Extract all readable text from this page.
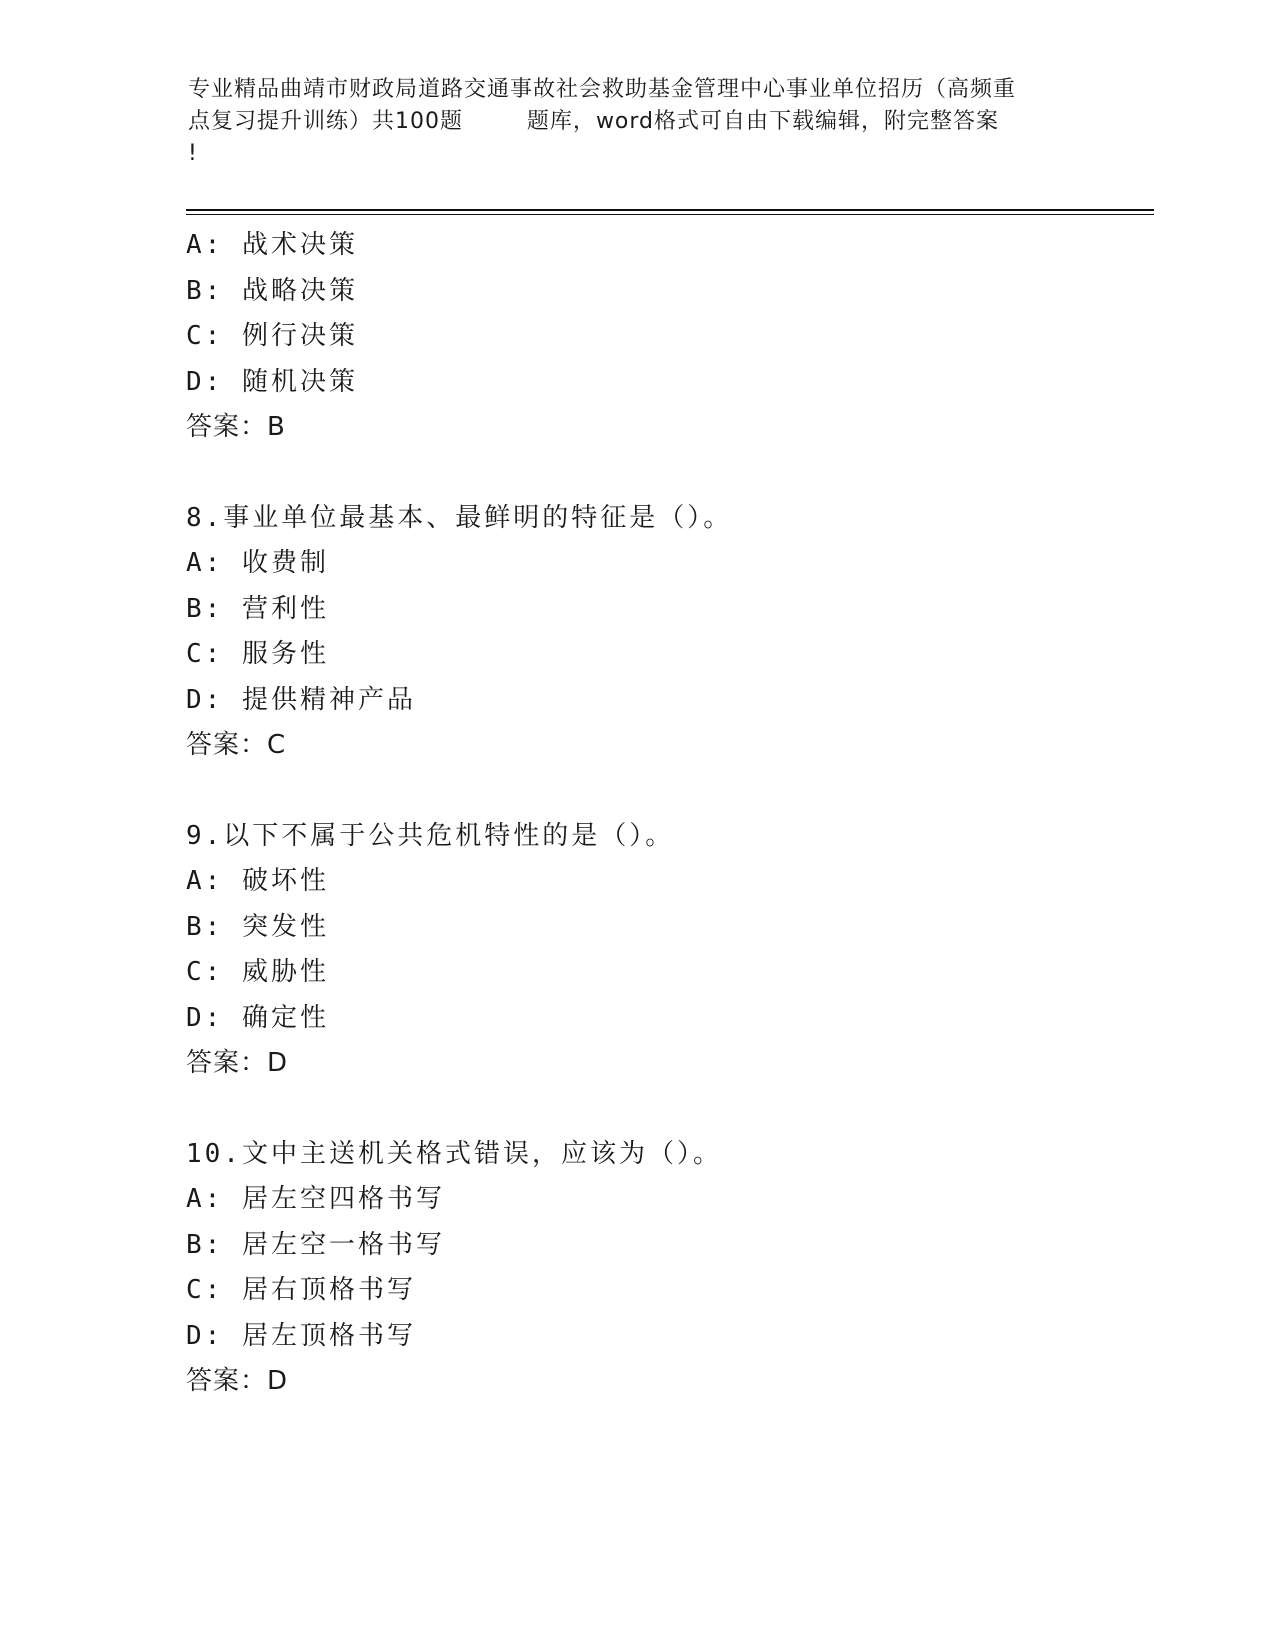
专业精品曲靖市财政局道路交通事故社会救助基金管理中心事业单位招历（高频重
点复习提升训练）共100题        题库，word格式可自由下载编辑，附完整答案
!
A: 战术决策
B: 战略决策
C: 例行决策
D: 随机决策
答案：B
8.事业单位最基本、最鲜明的特征是（）。
A: 收费制
B: 营利性
C: 服务性
D: 提供精神产品
答案：C
9.以下不属于公共危机特性的是（）。
A: 破坏性
B: 突发性
C: 威胁性
D: 确定性
答案：D
10.文中主送机关格式错误，应该为（）。
A: 居左空四格书写
B: 居左空一格书写
C: 居右顶格书写
D: 居左顶格书写
答案：D
